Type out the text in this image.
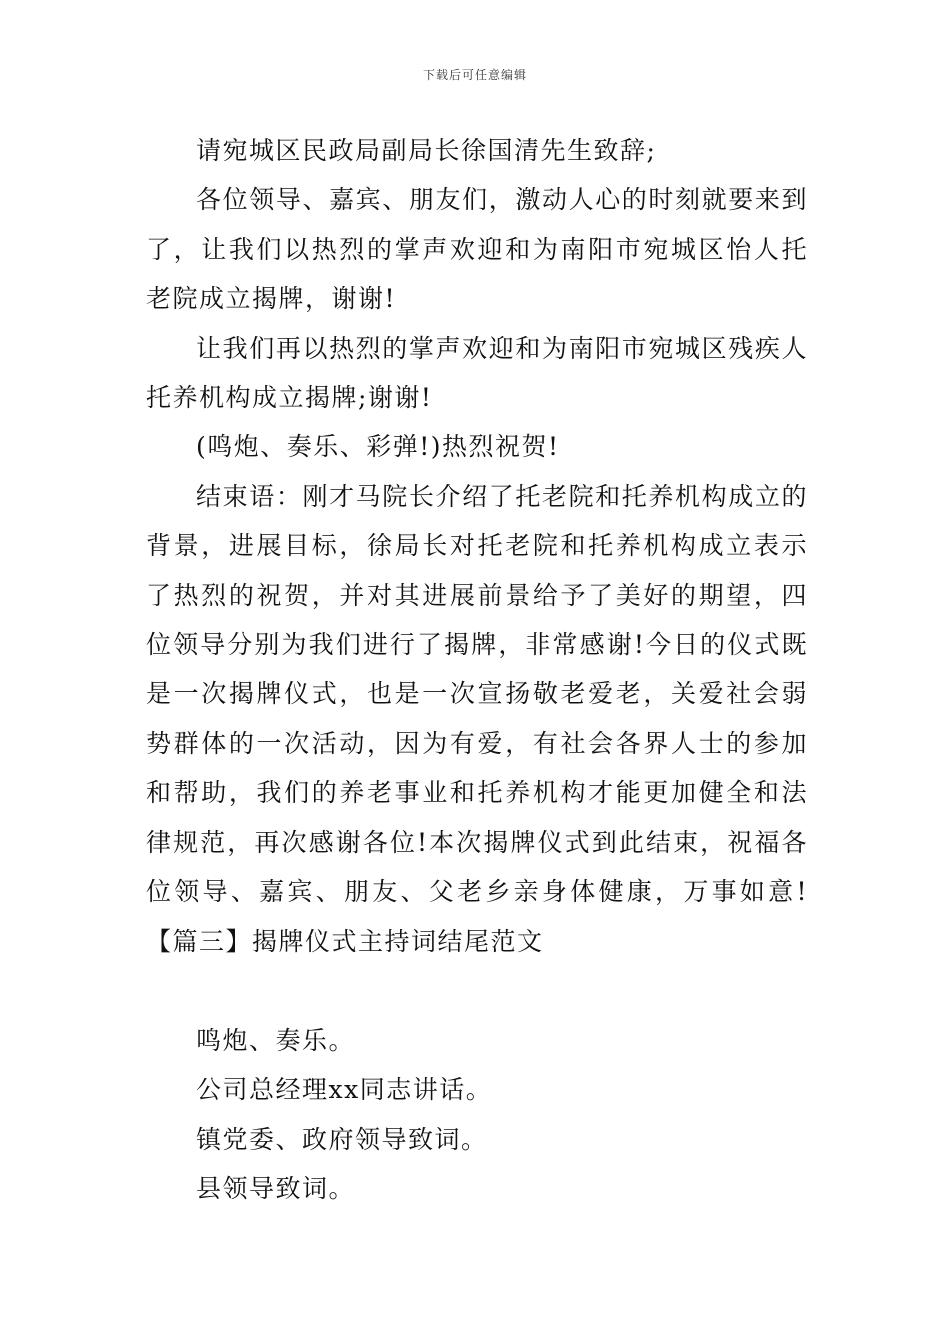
下载后可任意编辑

请宛城区民政局副局长徐国清先生致辞;

各位领导、嘉宾、朋友们，激动人心的时刻就要来到了，让我们以热烈的掌声欢迎和为南阳市宛城区怡人托老院成立揭牌，谢谢!

让我们再以热烈的掌声欢迎和为南阳市宛城区残疾人托养机构成立揭牌;谢谢!

(鸣炮、奏乐、彩弹!)热烈祝贺!

结束语：刚才马院长介绍了托老院和托养机构成立的背景，进展目标，徐局长对托老院和托养机构成立表示了热烈的祝贺，并对其进展前景给予了美好的期望，四位领导分别为我们进行了揭牌，非常感谢!今日的仪式既是一次揭牌仪式，也是一次宣扬敬老爱老，关爱社会弱势群体的一次活动，因为有爱，有社会各界人士的参加和帮助，我们的养老事业和托养机构才能更加健全和法律规范，再次感谢各位!本次揭牌仪式到此结束，祝福各位领导、嘉宾、朋友、父老乡亲身体健康，万事如意!【篇三】揭牌仪式主持词结尾范文

鸣炮、奏乐。

公司总经理xx同志讲话。

镇党委、政府领导致词。

县领导致词。
